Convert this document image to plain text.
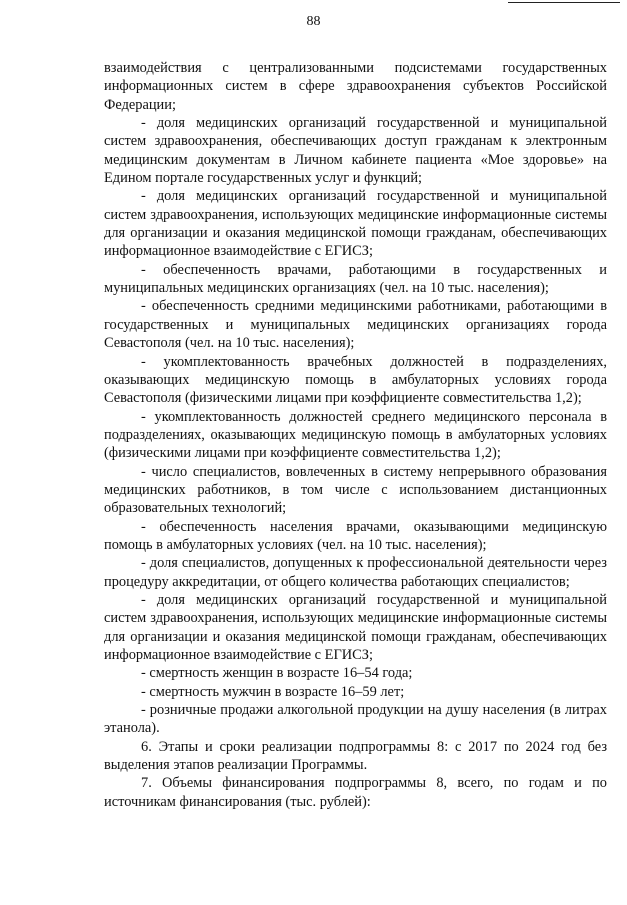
88

взаимодействия с централизованными подсистемами государственных информационных систем в сфере здравоохранения субъектов Российской Федерации;

- доля медицинских организаций государственной и муниципальной систем здравоохранения, обеспечивающих доступ гражданам к электронным медицинским документам в Личном кабинете пациента «Мое здоровье» на Едином портале государственных услуг и функций;

- доля медицинских организаций государственной и муниципальной систем здравоохранения, использующих медицинские информационные системы для организации и оказания медицинской помощи гражданам, обеспечивающих информационное взаимодействие с ЕГИСЗ;

- обеспеченность врачами, работающими в государственных и муниципальных медицинских организациях (чел. на 10 тыс. населения);

- обеспеченность средними медицинскими работниками, работающими в государственных и муниципальных медицинских организациях города Севастополя (чел. на 10 тыс. населения);

- укомплектованность врачебных должностей в подразделениях, оказывающих медицинскую помощь в амбулаторных условиях города Севастополя (физическими лицами при коэффициенте совместительства 1,2);

- укомплектованность должностей среднего медицинского персонала в подразделениях, оказывающих медицинскую помощь в амбулаторных условиях (физическими лицами при коэффициенте совместительства 1,2);

- число специалистов, вовлеченных в систему непрерывного образования медицинских работников, в том числе с использованием дистанционных образовательных технологий;

- обеспеченность населения врачами, оказывающими медицинскую помощь в амбулаторных условиях (чел. на 10 тыс. населения);

- доля специалистов, допущенных к профессиональной деятельности через процедуру аккредитации, от общего количества работающих специалистов;

- доля медицинских организаций государственной и муниципальной систем здравоохранения, использующих медицинские информационные системы для организации и оказания медицинской помощи гражданам, обеспечивающих информационное взаимодействие с ЕГИСЗ;

- смертность женщин в возрасте 16–54 года;

- смертность мужчин в возрасте 16–59 лет;

- розничные продажи алкогольной продукции на душу населения (в литрах этанола).

6. Этапы и сроки реализации подпрограммы 8: с 2017 по 2024 год без выделения этапов реализации Программы.

7. Объемы финансирования подпрограммы 8, всего, по годам и по источникам финансирования (тыс. рублей):
